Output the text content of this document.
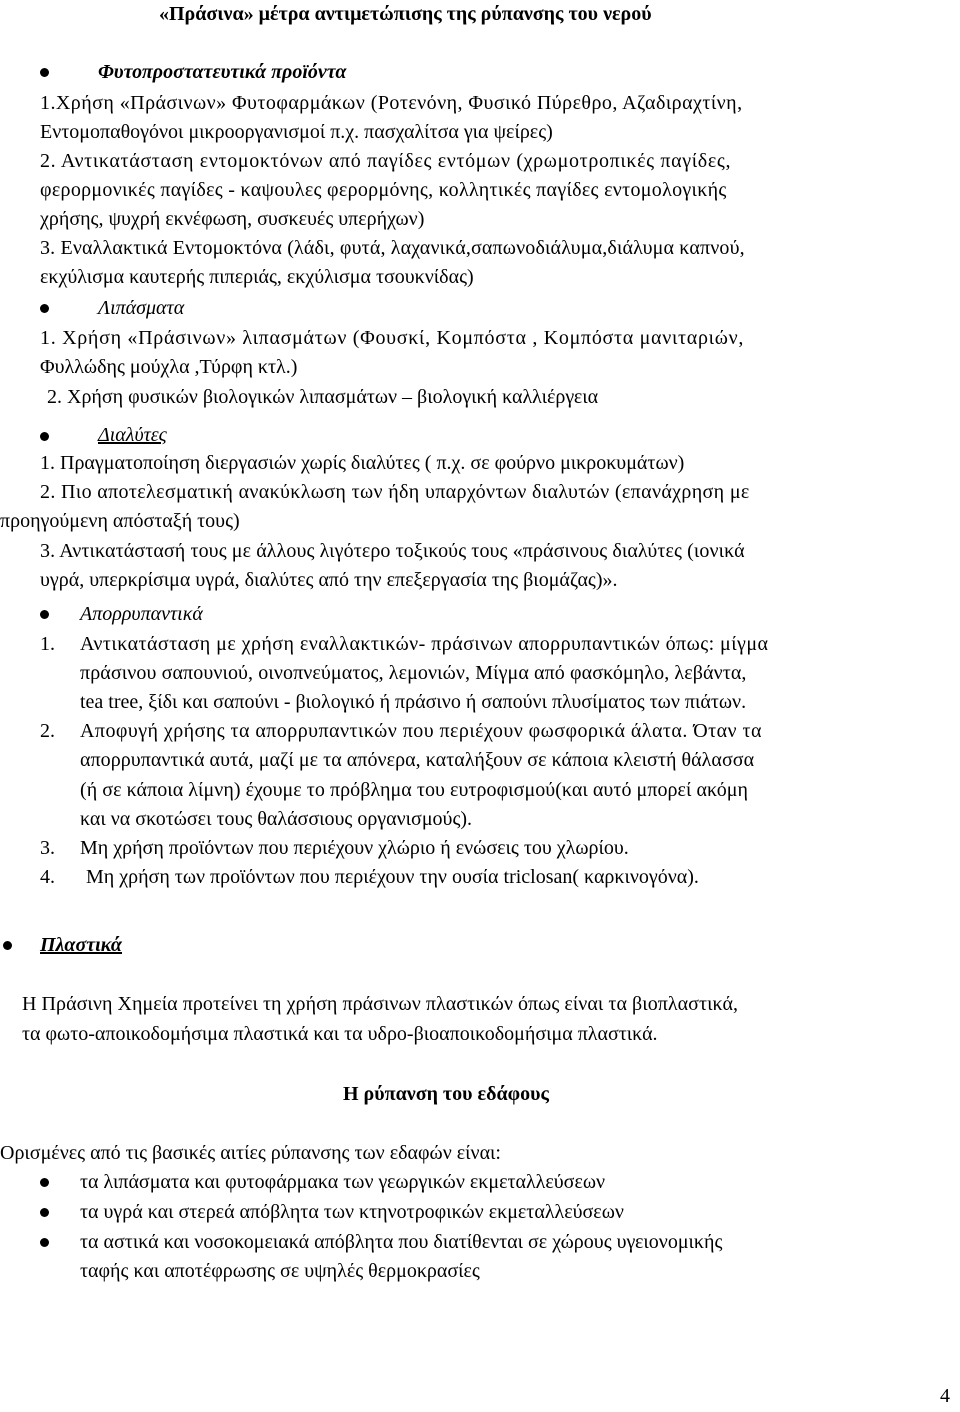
«Πράσινα» μέτρα αντιμετώπισης της ρύπανσης του νερού
Φυτοπροστατευτικά προϊόντα
1.Χρήση «Πράσινων» Φυτοφαρμάκων (Ροτενόνη, Φυσικό Πύρεθρο, Αζαδιραχτίνη,
Εντομοπαθογόνοι μικροοργανισμοί π.χ. πασχαλίτσα για ψείρες)
2. Αντικατάσταση εντομοκτόνων από παγίδες εντόμων (χρωμοτροπικές παγίδες,
φερορμονικές παγίδες - καψουλες φερορμόνης, κολλητικές παγίδες εντομολογικής
χρήσης, ψυχρή εκνέφωση, συσκευές υπερήχων)
3. Εναλλακτικά Εντομοκτόνα (λάδι, φυτά, λαχανικά,σαπωνοδιάλυμα,διάλυμα καπνού,
εκχύλισμα καυτερής πιπεριάς, εκχύλισμα τσουκνίδας)
Λιπάσματα
1. Χρήση «Πράσινων» λιπασμάτων (Φουσκί, Κομπόστα , Κομπόστα μανιταριών,
Φυλλώδης μούχλα ,Τύρφη κτλ.)
2. Χρήση φυσικών βιολογικών λιπασμάτων – βιολογική καλλιέργεια
Διαλύτες
1. Πραγματοποίηση διεργασιών χωρίς διαλύτες ( π.χ. σε φούρνο μικροκυμάτων)
2. Πιο αποτελεσματική ανακύκλωση των ήδη υπαρχόντων διαλυτών (επανάχρηση με
προηγούμενη απόσταξή τους)
3. Αντικατάστασή τους με άλλους λιγότερο τοξικούς τους «πράσινους διαλύτες (ιονικά
υγρά, υπερκρίσιμα υγρά, διαλύτες από την επεξεργασία της βιομάζας)».
Απορρυπαντικά
1. Αντικατάσταση με χρήση εναλλακτικών- πράσινων απορρυπαντικών όπως: μίγμα
πράσινου σαπουνιού, οινοπνεύματος, λεμονιών, Μίγμα από φασκόμηλο, λεβάντα,
tea tree, ξίδι και σαπούνι - βιολογικό ή πράσινο ή σαπούνι πλυσίματος των πιάτων.
2. Αποφυγή χρήσης τα απορρυπαντικών που περιέχουν φωσφορικά άλατα. Όταν τα
απορρυπαντικά αυτά, μαζί με τα απόνερα, καταλήξουν σε κάποια κλειστή θάλασσα
(ή σε κάποια λίμνη) έχουμε το πρόβλημα του ευτροφισμού(και αυτό μπορεί ακόμη
και να σκοτώσει τους θαλάσσιους οργανισμούς).
3. Μη χρήση προϊόντων που περιέχουν χλώριο ή ενώσεις του χλωρίου.
4. Μη χρήση των προϊόντων που περιέχουν την ουσία triclosan( καρκινογόνα).
Πλαστικά
Η Πράσινη Χημεία προτείνει τη χρήση πράσινων πλαστικών όπως είναι τα βιοπλαστικά,
τα φωτο-αποικοδομήσιμα πλαστικά και τα υδρο-βιοαποικοδομήσιμα πλαστικά.
Η ρύπανση του εδάφους
Ορισμένες από τις βασικές αιτίες ρύπανσης των εδαφών είναι:
τα λιπάσματα και φυτοφάρμακα των γεωργικών εκμεταλλεύσεων
τα υγρά και στερεά απόβλητα των κτηνοτροφικών εκμεταλλεύσεων
τα αστικά και νοσοκομειακά απόβλητα που διατίθενται σε χώρους υγειονομικής
ταφής και αποτέφρωσης σε υψηλές θερμοκρασίες
4
